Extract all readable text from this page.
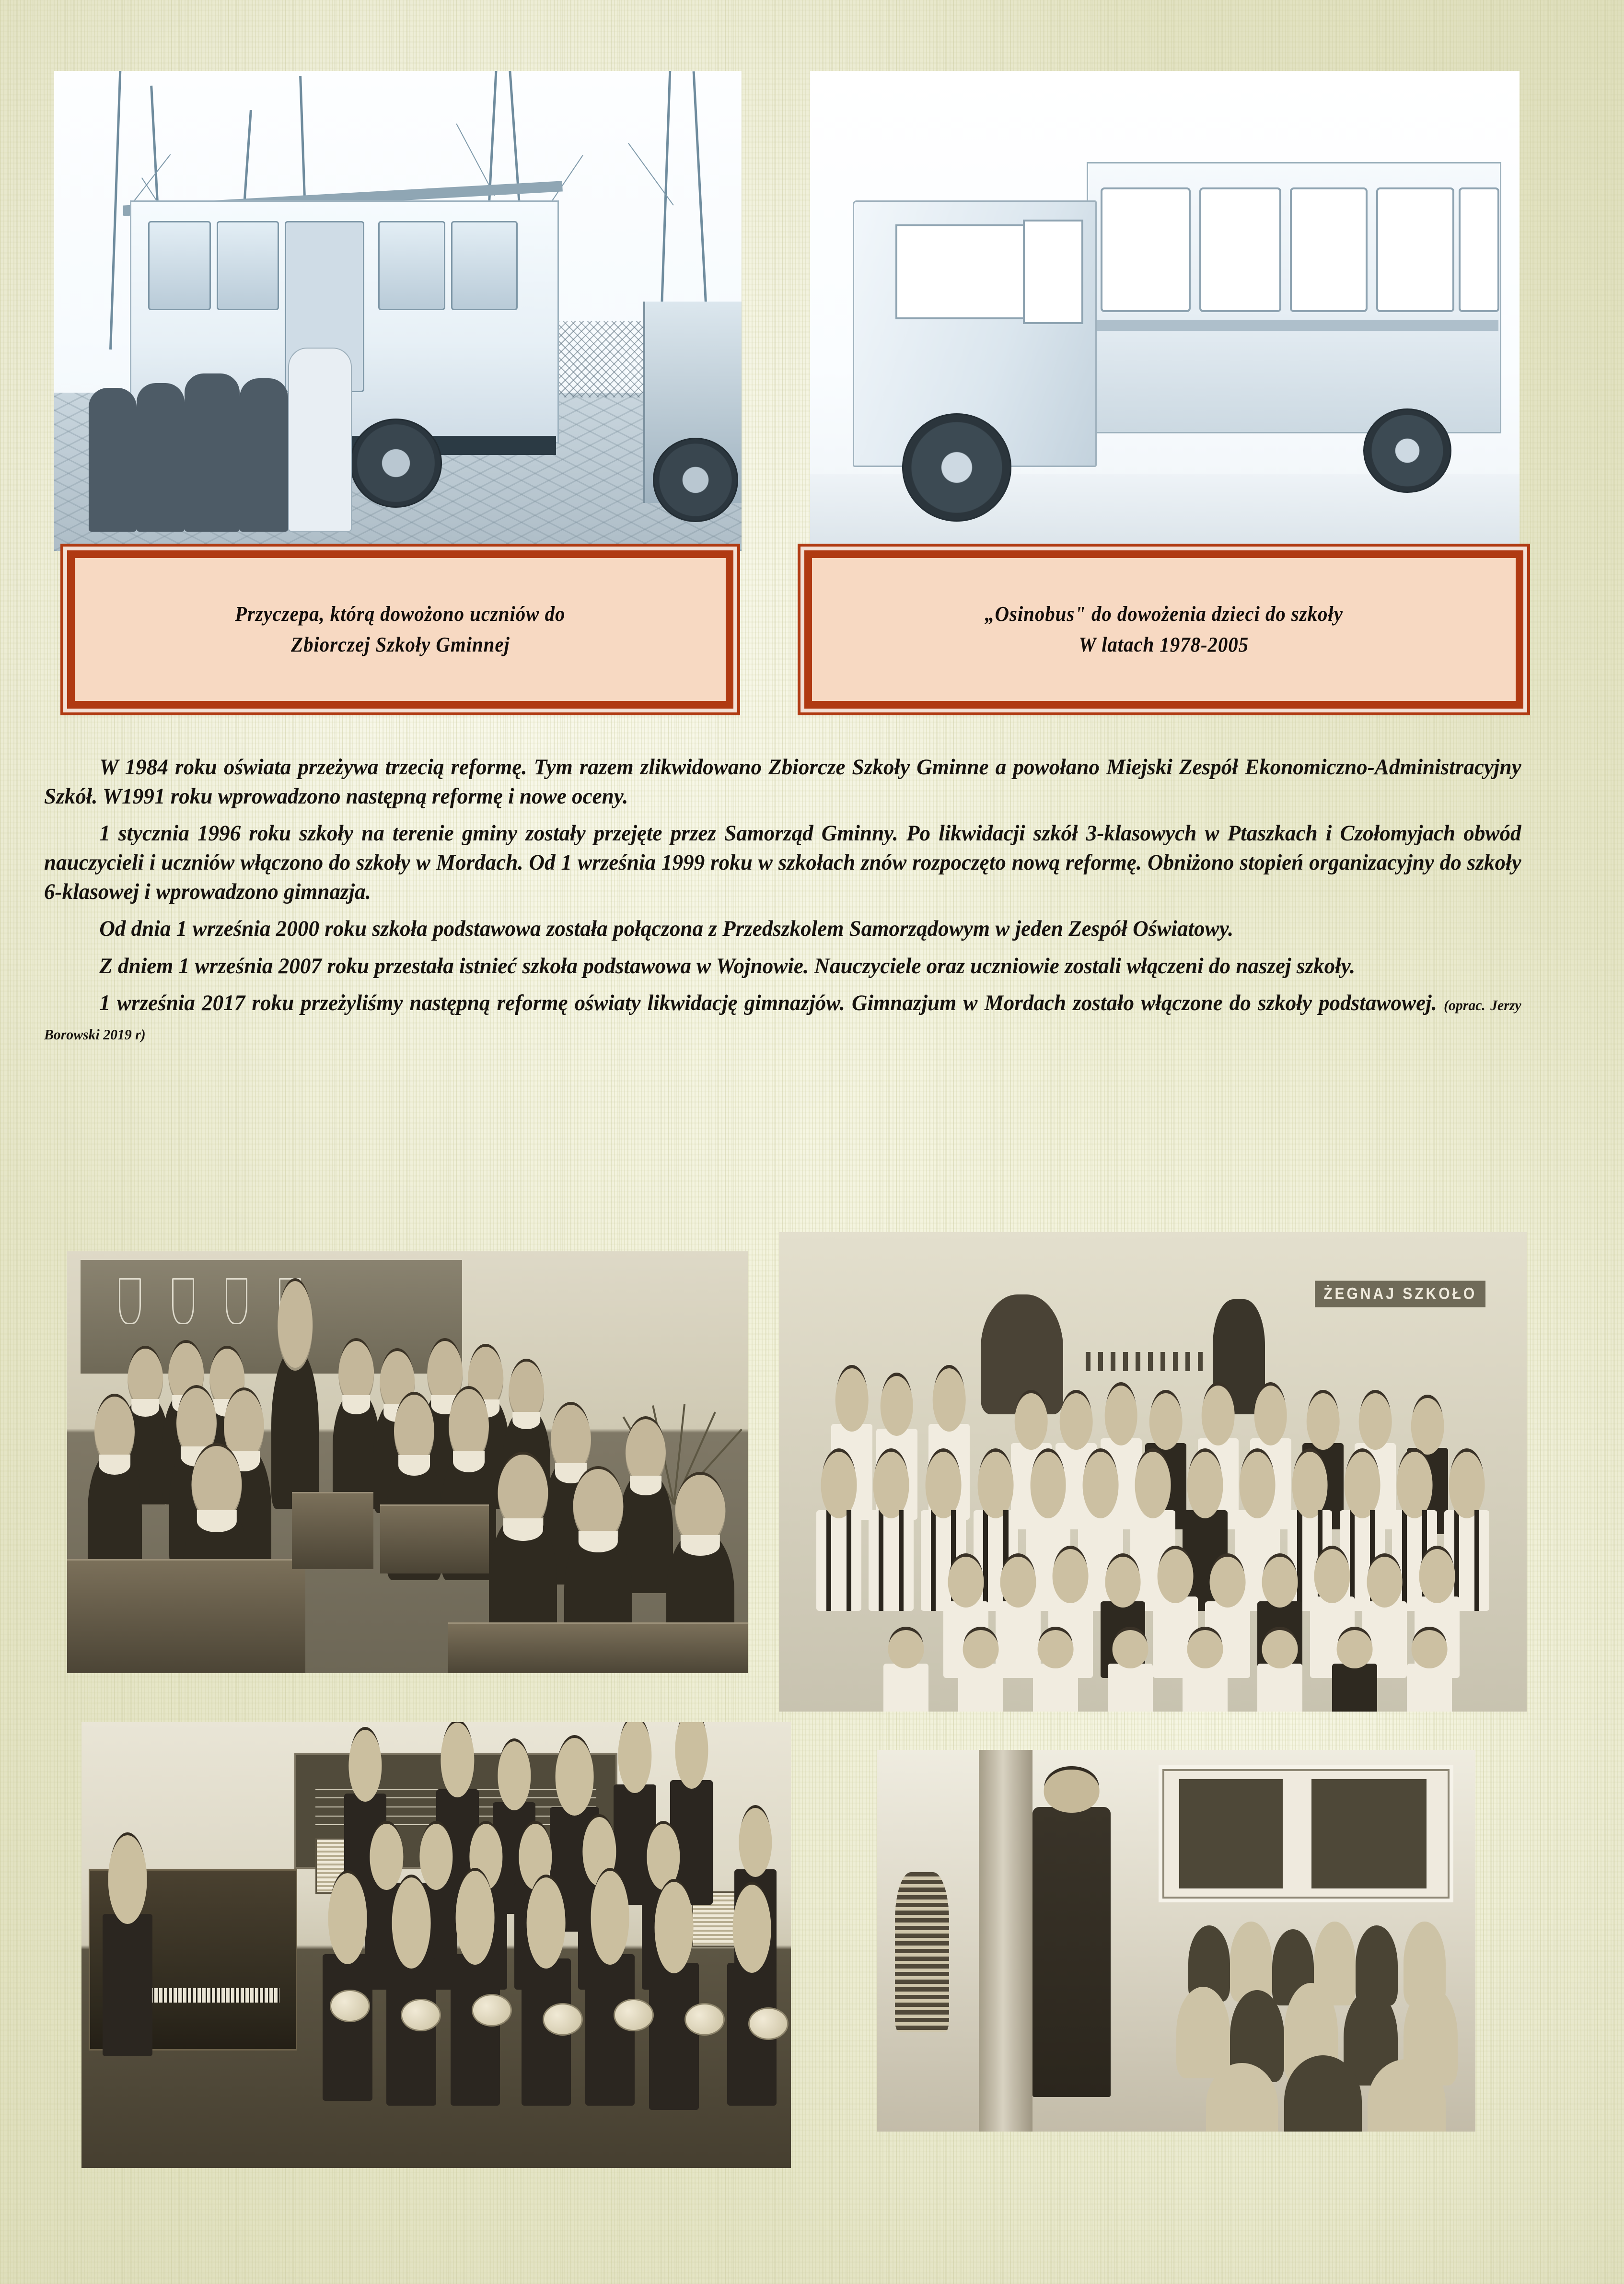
Przyczepa, którą dowożono uczniów do
Zbiorczej Szkoły Gminnej
„Osinobus" do dowożenia dzieci do szkoły
W latach 1978-2005

W 1984 roku oświata przeżywa trzecią reformę. Tym razem zlikwidowano Zbiorcze Szkoły Gminne a powołano Miejski Zespół Ekonomiczno-Administracyjny Szkół. W1991 roku wprowadzono następną reformę i nowe oceny.

1 stycznia 1996 roku szkoły na terenie gminy zostały przejęte przez Samorząd Gminny. Po likwidacji szkół 3-klasowych w Ptaszkach i Czołomyjach obwód nauczycieli i uczniów włączono do szkoły w Mordach. Od 1 września 1999 roku w szkołach znów rozpoczęto nową reformę. Obniżono stopień organizacyjny do szkoły 6-klasowej i wprowadzono gimnazja.

Od dnia 1 września 2000 roku szkoła podstawowa została połączona z Przedszkolem Samorządowym w jeden Zespół Oświatowy.

Z dniem 1 września 2007 roku przestała istnieć szkoła podstawowa w Wojnowie. Nauczyciele oraz uczniowie zostali włączeni do naszej szkoły.

1 września 2017 roku przeżyliśmy następną reformę oświaty likwidację gimnazjów. Gimnazjum w Mordach zostało włączone do szkoły podstawowej. (oprac. Jerzy Borowski 2019 r)

ŻEGNAJ SZKOŁO
